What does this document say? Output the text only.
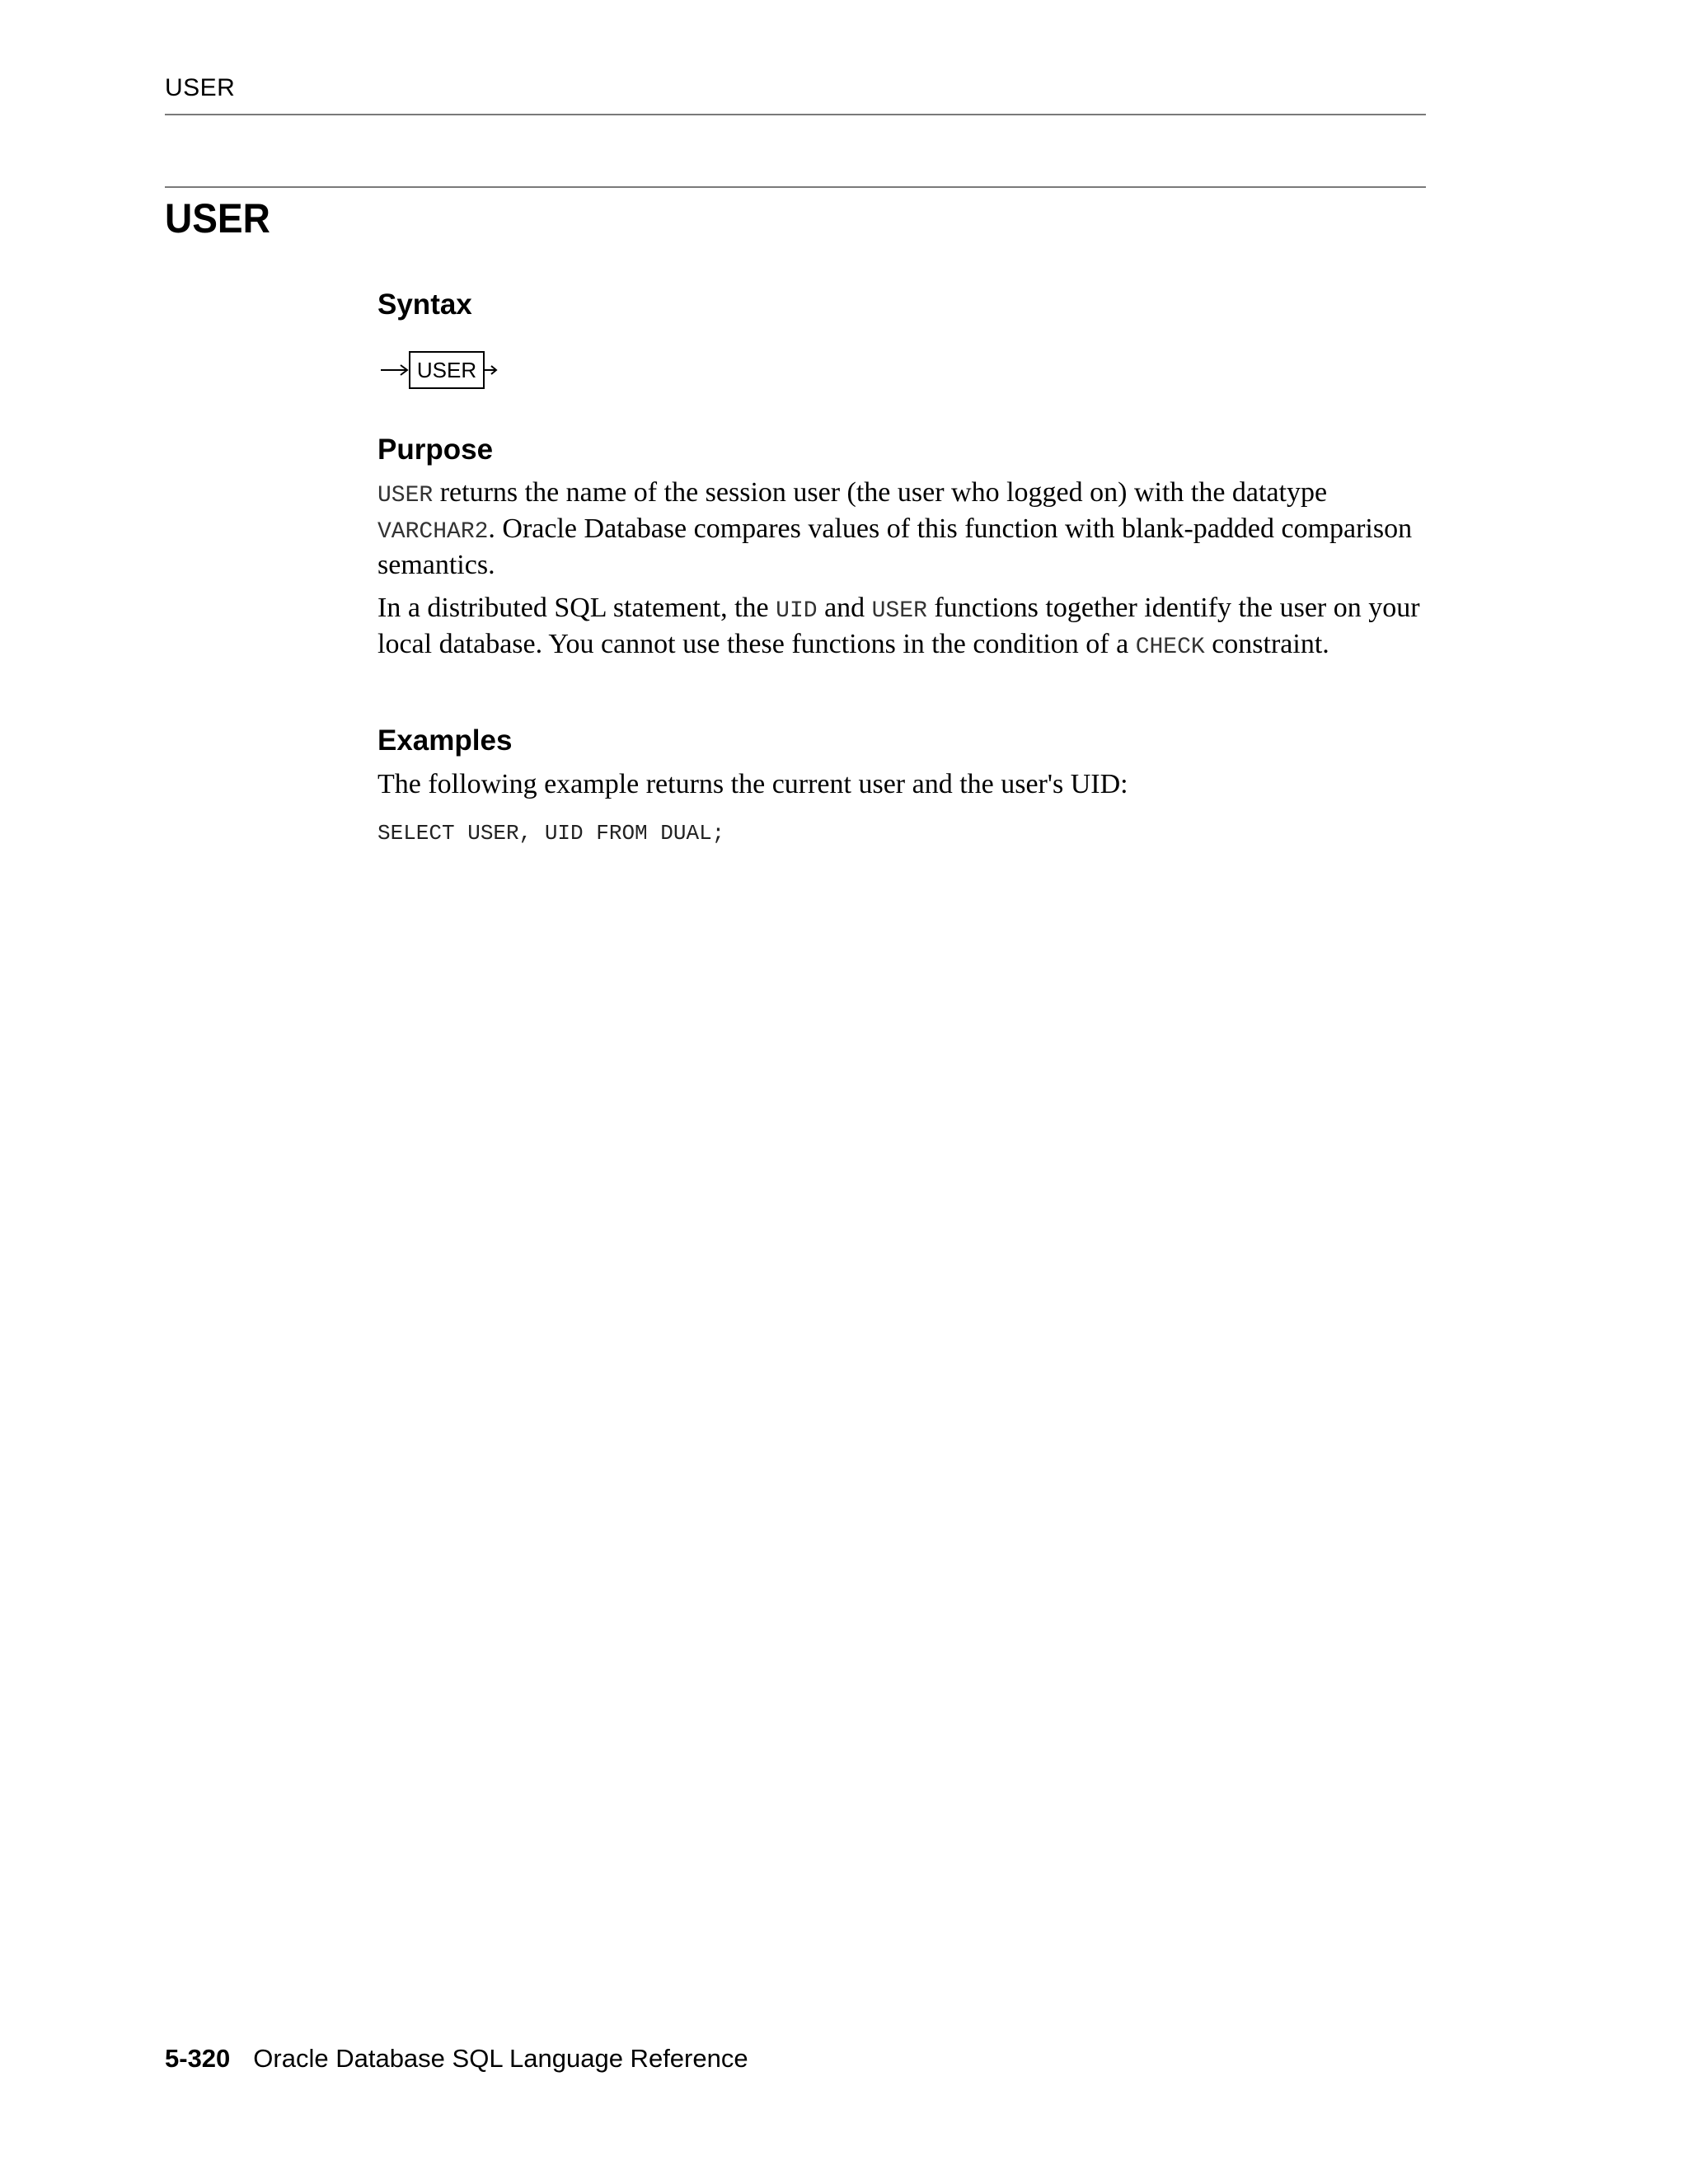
USER
USER
Syntax
USER
Purpose

USER returns the name of the session user (the user who logged on) with the datatype VARCHAR2. Oracle Database compares values of this function with blank-padded comparison semantics.

In a distributed SQL statement, the UID and USER functions together identify the user on your local database. You cannot use these functions in the condition of a CHECK constraint.

Examples

The following example returns the current user and the user's UID:

SELECT USER, UID FROM DUAL;
5-320 Oracle Database SQL Language Reference
